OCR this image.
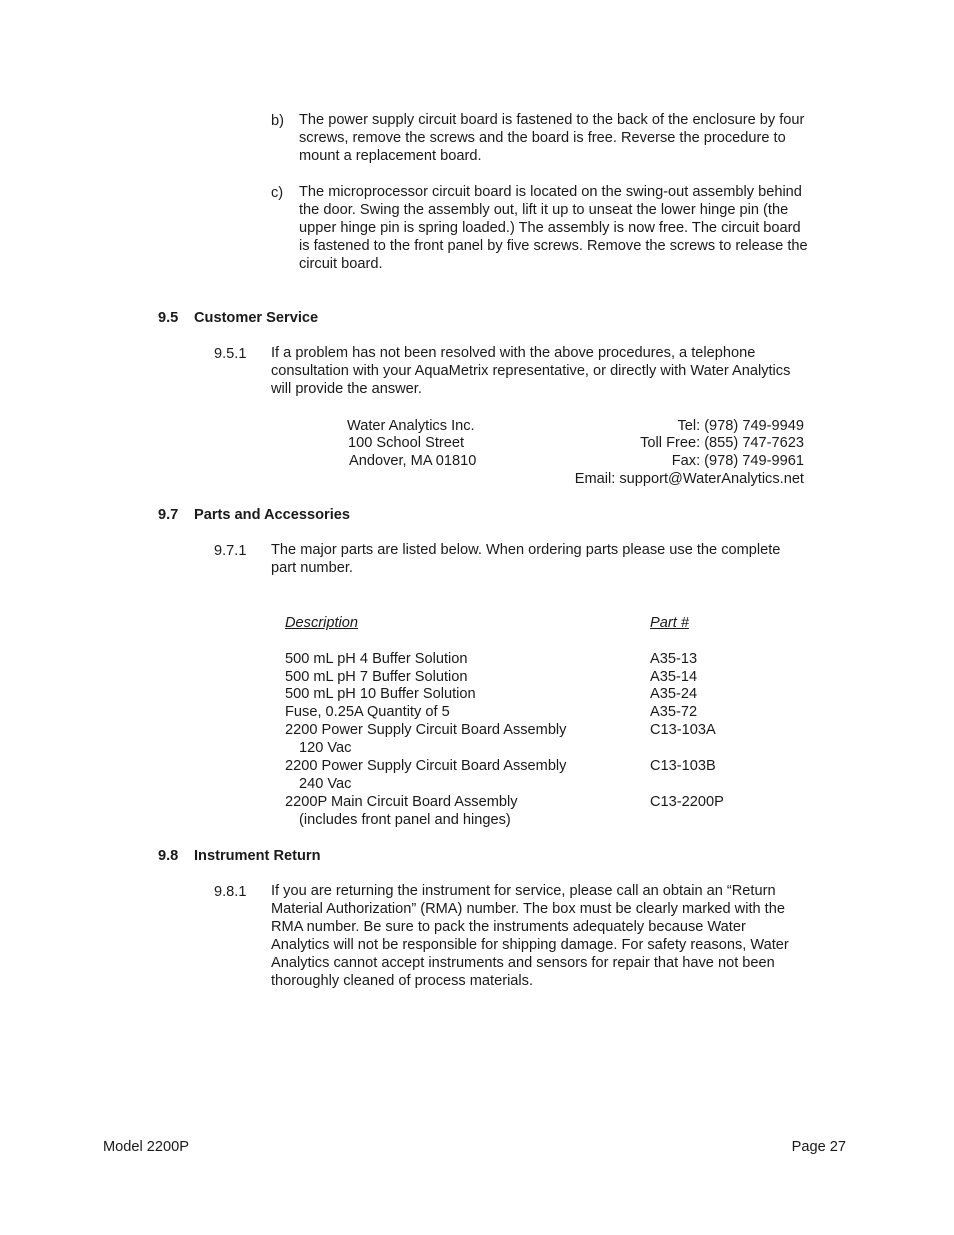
b) The power supply circuit board is fastened to the back of the enclosure by four
screws, remove the screws and the board is free. Reverse the procedure to
mount a replacement board.
c) The microprocessor circuit board is located on the swing-out assembly behind
the door. Swing the assembly out, lift it up to unseat the lower hinge pin (the
upper hinge pin is spring loaded.) The assembly is now free. The circuit board
is fastened to the front panel by five screws. Remove the screws to release the
circuit board.
9.5 Customer Service
9.5.1 If a problem has not been resolved with the above procedures, a telephone
consultation with your AquaMetrix representative, or directly with Water Analytics
will provide the answer.
Water Analytics Inc.
100 School Street
Andover, MA 01810
Tel: (978) 749-9949
Toll Free: (855) 747-7623
Fax: (978) 749-9961
Email: support@WaterAnalytics.net
9.7 Parts and Accessories
9.7.1 The major parts are listed below. When ordering parts please use the complete
part number.
Description	Part #
500 mL pH 4 Buffer Solution	A35-13
500 mL pH 7 Buffer Solution	A35-14
500 mL pH 10 Buffer Solution	A35-24
Fuse, 0.25A Quantity of 5	A35-72
2200 Power Supply Circuit Board Assembly	C13-103A
120 Vac
2200 Power Supply Circuit Board Assembly	C13-103B
240 Vac
2200P Main Circuit Board Assembly	C13-2200P
(includes front panel and hinges)
9.8 Instrument Return
9.8.1 If you are returning the instrument for service, please call an obtain an “Return
Material Authorization” (RMA) number. The box must be clearly marked with the
RMA number. Be sure to pack the instruments adequately because Water
Analytics will not be responsible for shipping damage. For safety reasons, Water
Analytics cannot accept instruments and sensors for repair that have not been
thoroughly cleaned of process materials.
Model 2200P	Page 27
